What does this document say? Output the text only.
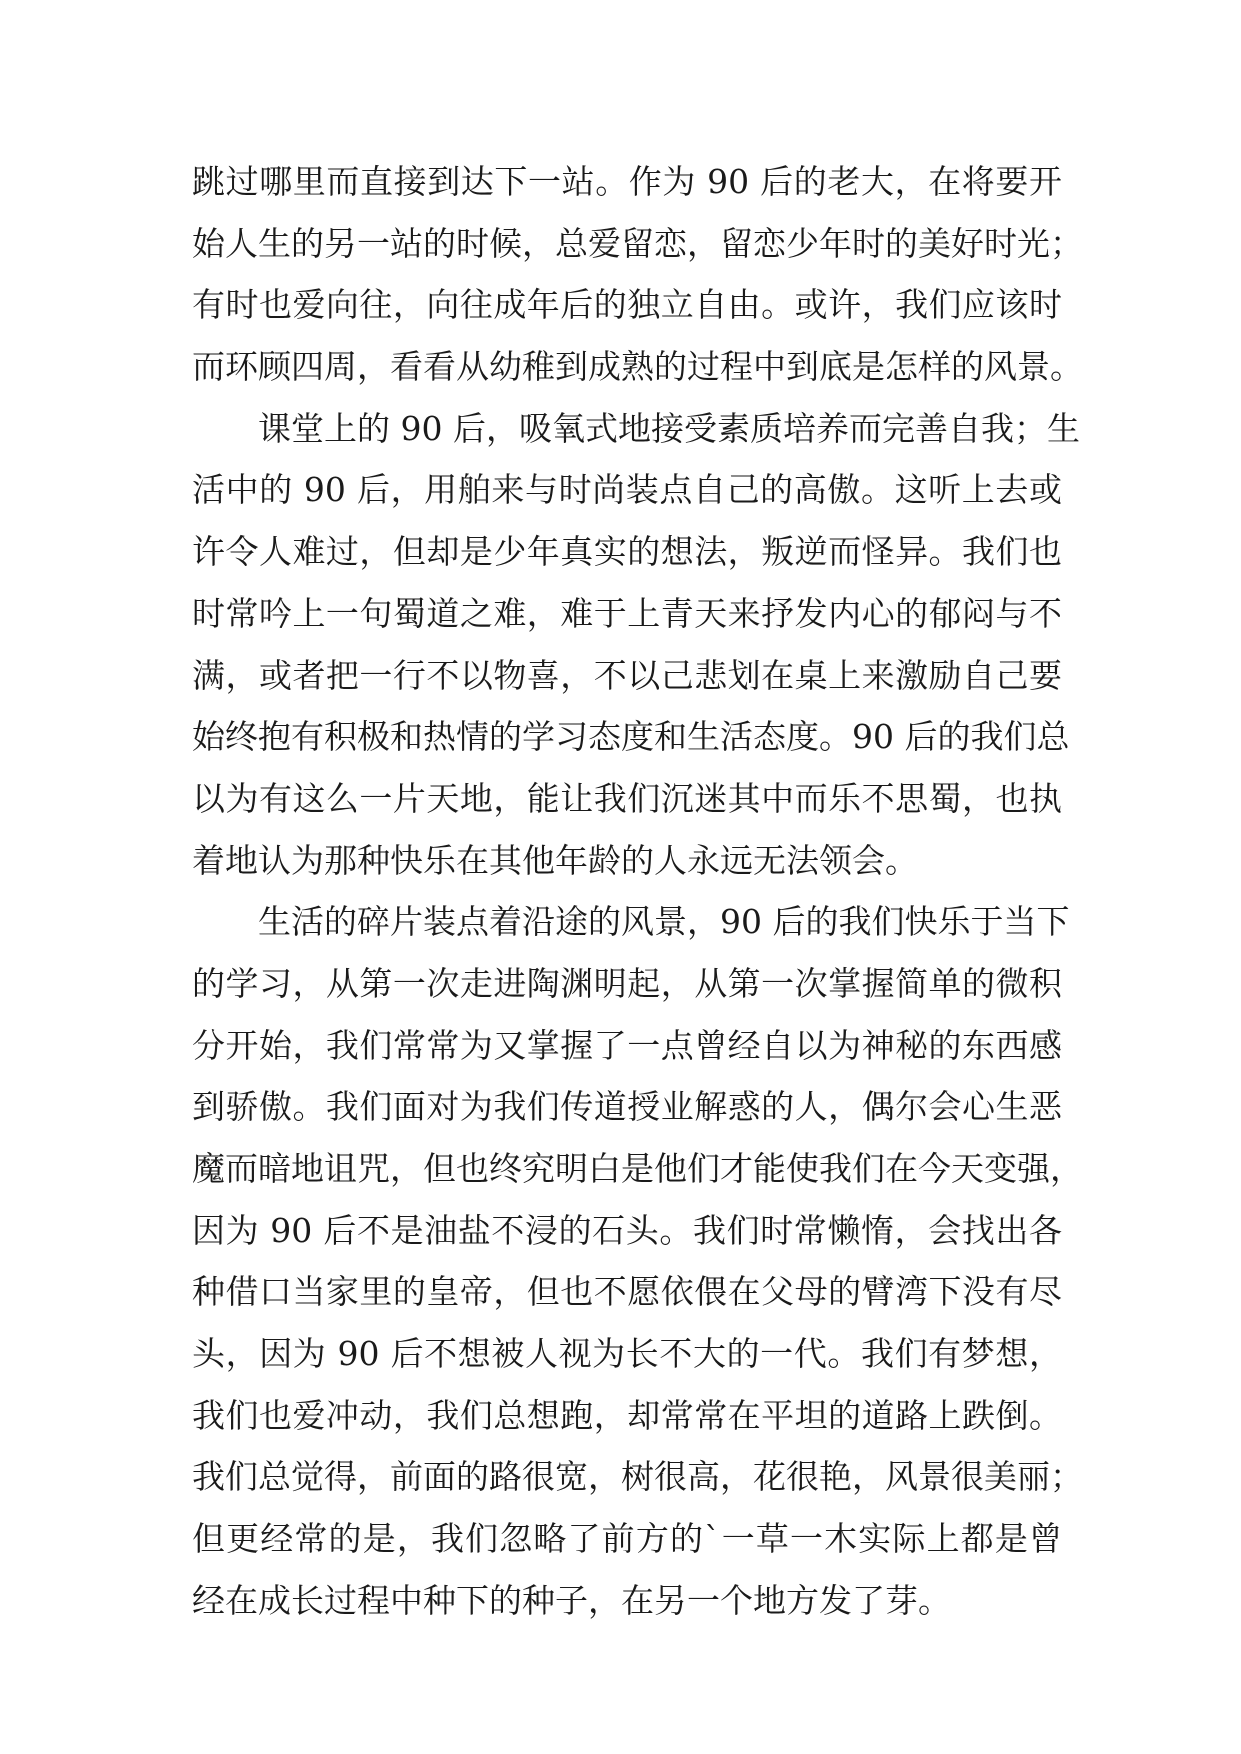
跳过哪里而直接到达下一站。作为 90 后的老大，在将要开
始人生的另一站的时候，总爱留恋，留恋少年时的美好时光；
有时也爱向往，向往成年后的独立自由。或许，我们应该时
而环顾四周，看看从幼稚到成熟的过程中到底是怎样的风景。
课堂上的 90 后，吸氧式地接受素质培养而完善自我；生
活中的 90 后，用舶来与时尚装点自己的高傲。这听上去或
许令人难过，但却是少年真实的想法，叛逆而怪异。我们也
时常吟上一句蜀道之难，难于上青天来抒发内心的郁闷与不
满，或者把一行不以物喜，不以己悲划在桌上来激励自己要
始终抱有积极和热情的学习态度和生活态度。90 后的我们总
以为有这么一片天地，能让我们沉迷其中而乐不思蜀，也执
着地认为那种快乐在其他年龄的人永远无法领会。
生活的碎片装点着沿途的风景，90 后的我们快乐于当下
的学习，从第一次走进陶渊明起，从第一次掌握简单的微积
分开始，我们常常为又掌握了一点曾经自以为神秘的东西感
到骄傲。我们面对为我们传道授业解惑的人，偶尔会心生恶
魔而暗地诅咒，但也终究明白是他们才能使我们在今天变强，
因为 90 后不是油盐不浸的石头。我们时常懒惰，会找出各
种借口当家里的皇帝，但也不愿依偎在父母的臂湾下没有尽
头，因为 90 后不想被人视为长不大的一代。我们有梦想，
我们也爱冲动，我们总想跑，却常常在平坦的道路上跌倒。
我们总觉得，前面的路很宽，树很高，花很艳，风景很美丽；
但更经常的是，我们忽略了前方的`一草一木实际上都是曾
经在成长过程中种下的种子，在另一个地方发了芽。
